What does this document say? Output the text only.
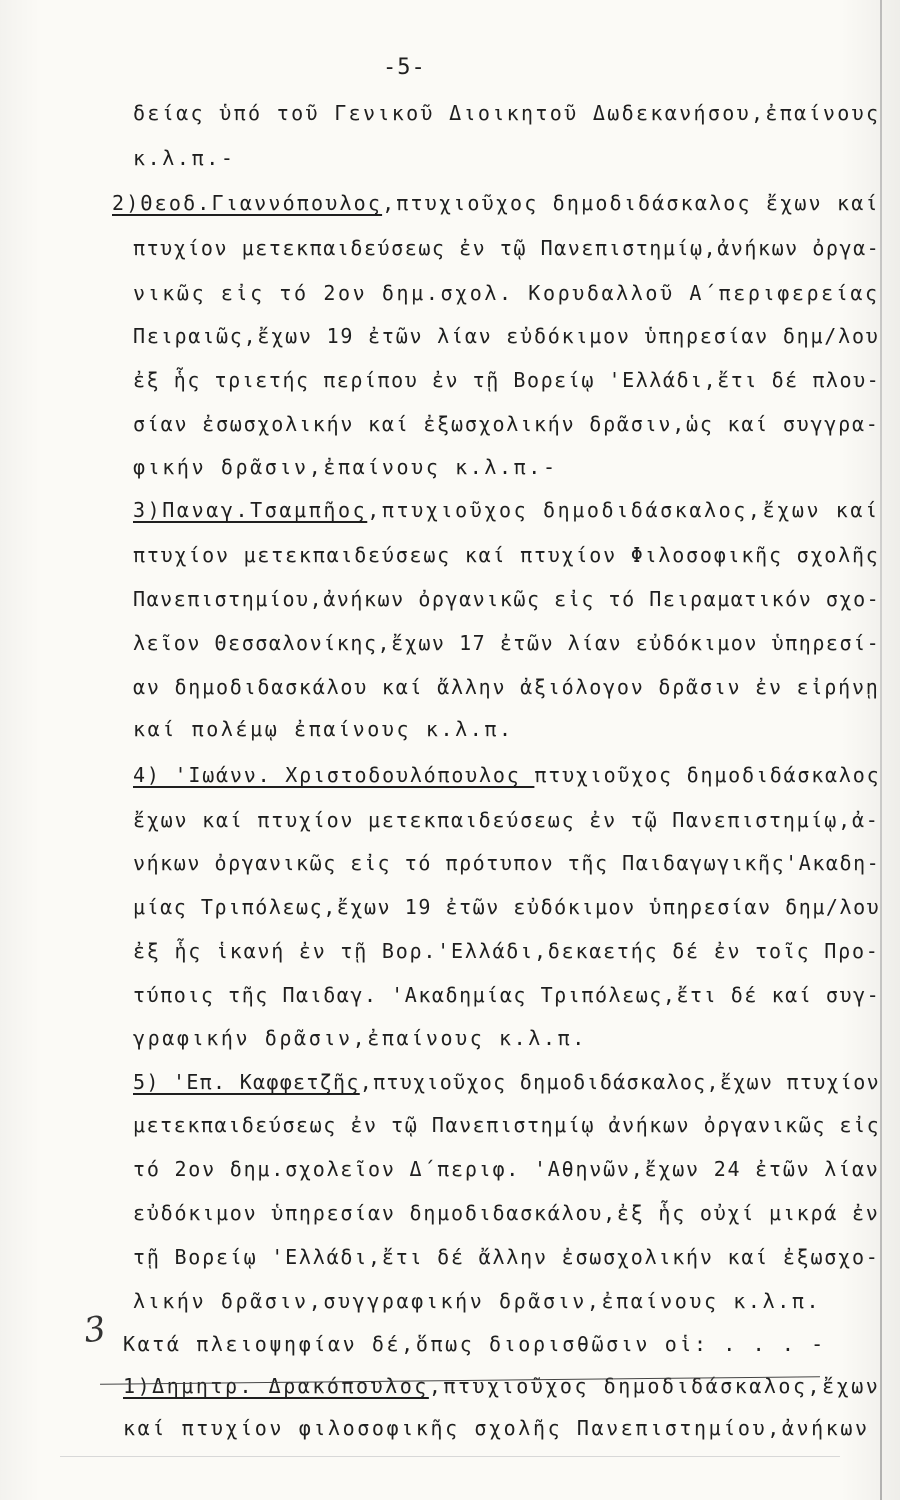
-5-
δείας ὑπό τοῦ Γενικοῦ Διοικητοῦ Δωδεκανήσου,ἐπαίνους
κ.λ.π.-
2)Θεοδ.Γιαννόπουλος,πτυχιοῦχος δημοδιδάσκαλος ἔχων καί
πτυχίον μετεκπαιδεύσεως ἐν τῷ Πανεπιστημίῳ,ἀνήκων ὀργα-
νικῶς εἰς τό 2ον δημ.σχολ. Κορυδαλλοῦ Α΄περιφερείας
Πειραιῶς,ἔχων 19 ἐτῶν λίαν εὐδόκιμον ὑπηρεσίαν δημ/λου
ἐξ ἧς τριετής περίπου ἐν τῇ Βορείῳ 'Ελλάδι,ἔτι δέ πλου-
σίαν ἐσωσχολικήν καί ἐξωσχολικήν δρᾶσιν,ὡς καί συγγρα-
φικήν δρᾶσιν,ἐπαίνους κ.λ.π.-
3)Παναγ.Τσαμπῆος,πτυχιοῦχος δημοδιδάσκαλος,ἔχων καί
πτυχίον μετεκπαιδεύσεως καί πτυχίον Φιλοσοφικῆς σχολῆς
Πανεπιστημίου,ἀνήκων ὀργανικῶς εἰς τό Πειραματικόν σχο-
λεῖον Θεσσαλονίκης,ἔχων 17 ἐτῶν λίαν εὐδόκιμον ὑπηρεσί-
αν δημοδιδασκάλου καί ἄλλην ἀξιόλογον δρᾶσιν ἐν εἰρήνῃ
καί πολέμῳ ἐπαίνους κ.λ.π.
4) 'Ιωάνν. Χριστοδουλόπουλος πτυχιοῦχος δημοδιδάσκαλος
ἔχων καί πτυχίον μετεκπαιδεύσεως ἐν τῷ Πανεπιστημίῳ,ἀ-
νήκων ὀργανικῶς εἰς τό πρότυπον τῆς Παιδαγωγικῆς'Ακαδη-
μίας Τριπόλεως,ἔχων 19 ἐτῶν εὐδόκιμον ὑπηρεσίαν δημ/λου
ἐξ ἧς ἱκανή ἐν τῇ Βορ.'Ελλάδι,δεκαετής δέ ἐν τοῖς Προ-
τύποις τῆς Παιδαγ. 'Ακαδημίας Τριπόλεως,ἔτι δέ καί συγ-
γραφικήν δρᾶσιν,ἐπαίνους κ.λ.π.
5) 'Επ. Καφφετζῆς,πτυχιοῦχος δημοδιδάσκαλος,ἔχων πτυχίον
μετεκπαιδεύσεως ἐν τῷ Πανεπιστημίῳ ἀνήκων ὀργανικῶς εἰς
τό 2ον δημ.σχολεῖον Δ΄περιφ. 'Αθηνῶν,ἔχων 24 ἐτῶν λίαν
εὐδόκιμον ὑπηρεσίαν δημοδιδασκάλου,ἐξ ἧς οὐχί μικρά ἐν
τῇ Βορείῳ 'Ελλάδι,ἔτι δέ ἄλλην ἐσωσχολικήν καί ἐξωσχο-
λικήν δρᾶσιν,συγγραφικήν δρᾶσιν,ἐπαίνους κ.λ.π.
Κατά πλειοψηφίαν δέ,ὅπως διορισθῶσιν οἱ: . . . -
1)Δημητρ. Δρακόπουλος,πτυχιοῦχος δημοδιδάσκαλος,ἔχων
καί πτυχίον φιλοσοφικῆς σχολῆς Πανεπιστημίου,ἀνήκων
3
